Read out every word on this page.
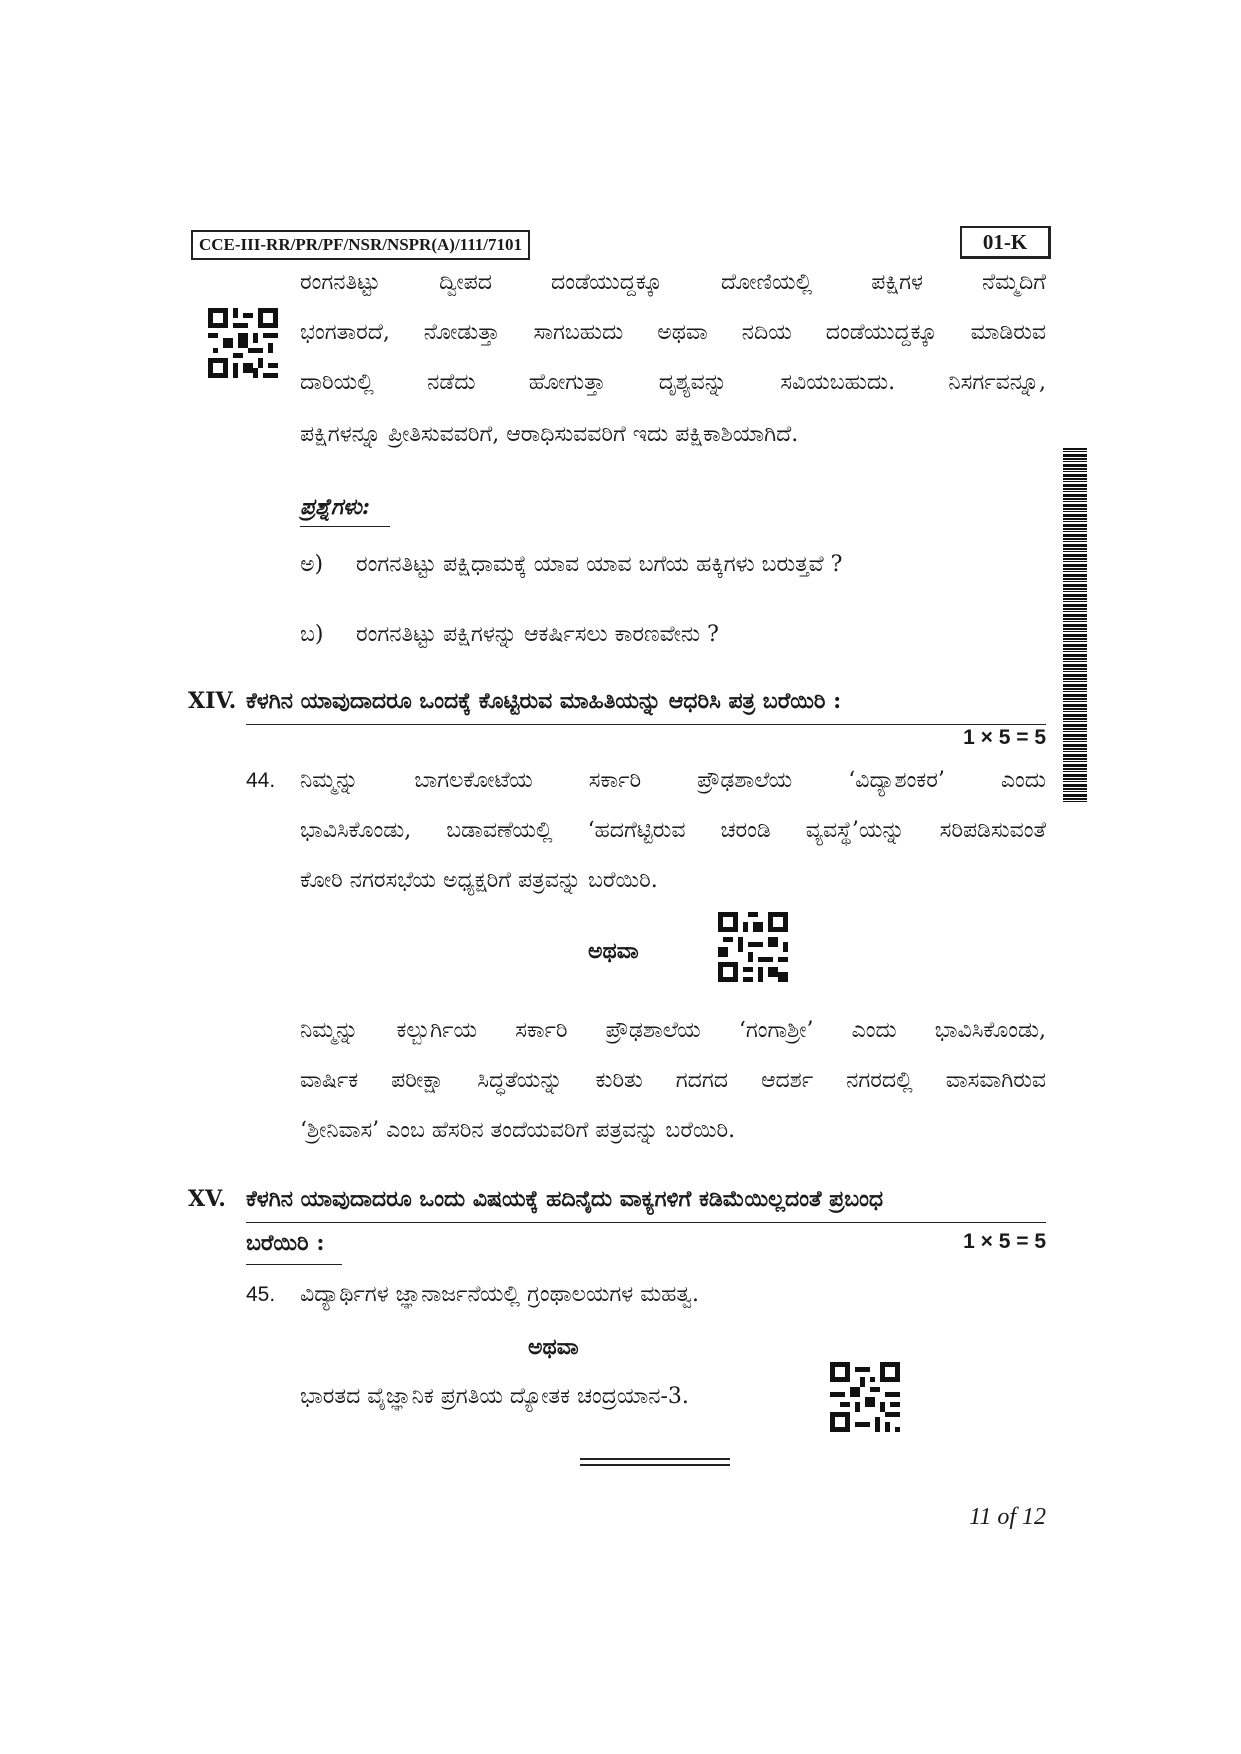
CCE-III-RR/PR/PF/NSR/NSPR(A)/111/7101	01-K
ರಂಗನತಿಟ್ಟು ದ್ವೀಪದ ದಂಡೆಯುದ್ದಕ್ಕೂ ದೋಣಿಯಲ್ಲಿ ಪಕ್ಷಿಗಳ ನೆಮ್ಮದಿಗೆ
ಭಂಗತಾರದೆ, ನೋಡುತ್ತಾ ಸಾಗಬಹುದು ಅಥವಾ ನದಿಯ ದಂಡೆಯುದ್ದಕ್ಕೂ ಮಾಡಿರುವ
ದಾರಿಯಲ್ಲಿ ನಡೆದು ಹೋಗುತ್ತಾ ದೃಶ್ಯವನ್ನು ಸವಿಯಬಹುದು. ನಿಸರ್ಗವನ್ನೂ,
ಪಕ್ಷಿಗಳನ್ನೂ ಪ್ರೀತಿಸುವವರಿಗೆ, ಆರಾಧಿಸುವವರಿಗೆ ಇದು ಪಕ್ಷಿಕಾಶಿಯಾಗಿದೆ.
ಪ್ರಶ್ನೆಗಳು:
ಅ) ರಂಗನತಿಟ್ಟು ಪಕ್ಷಿಧಾಮಕ್ಕೆ ಯಾವ ಯಾವ ಬಗೆಯ ಹಕ್ಕಿಗಳು ಬರುತ್ತವೆ ?
ಬ) ರಂಗನತಿಟ್ಟು ಪಕ್ಷಿಗಳನ್ನು ಆಕರ್ಷಿಸಲು ಕಾರಣವೇನು ?
XIV. ಕೆಳಗಿನ ಯಾವುದಾದರೂ ಒಂದಕ್ಕೆ ಕೊಟ್ಟಿರುವ ಮಾಹಿತಿಯನ್ನು ಆಧರಿಸಿ ಪತ್ರ ಬರೆಯಿರಿ :
1 × 5 = 5
44. ನಿಮ್ಮನ್ನು ಬಾಗಲಕೋಟೆಯ ಸರ್ಕಾರಿ ಪ್ರೌಢಶಾಲೆಯ ‘ವಿದ್ಯಾಶಂಕರ’ ಎಂದು
ಭಾವಿಸಿಕೊಂಡು, ಬಡಾವಣೆಯಲ್ಲಿ ‘ಹದಗೆಟ್ಟಿರುವ ಚರಂಡಿ ವ್ಯವಸ್ಥೆ’ಯನ್ನು ಸರಿಪಡಿಸುವಂತೆ
ಕೋರಿ ನಗರಸಭೆಯ ಅಧ್ಯಕ್ಷರಿಗೆ ಪತ್ರವನ್ನು ಬರೆಯಿರಿ.
ಅಥವಾ
ನಿಮ್ಮನ್ನು ಕಲ್ಬುರ್ಗಿಯ ಸರ್ಕಾರಿ ಪ್ರೌಢಶಾಲೆಯ ‘ಗಂಗಾಶ್ರೀ’ ಎಂದು ಭಾವಿಸಿಕೊಂಡು,
ವಾರ್ಷಿಕ ಪರೀಕ್ಷಾ ಸಿದ್ಧತೆಯನ್ನು ಕುರಿತು ಗದಗದ ಆದರ್ಶ ನಗರದಲ್ಲಿ ವಾಸವಾಗಿರುವ
‘ಶ್ರೀನಿವಾಸ’ ಎಂಬ ಹೆಸರಿನ ತಂದೆಯವರಿಗೆ ಪತ್ರವನ್ನು ಬರೆಯಿರಿ.
XV. ಕೆಳಗಿನ ಯಾವುದಾದರೂ ಒಂದು ವಿಷಯಕ್ಕೆ ಹದಿನೈದು ವಾಕ್ಯಗಳಿಗೆ ಕಡಿಮೆಯಿಲ್ಲದಂತೆ ಪ್ರಬಂಧ
ಬರೆಯಿರಿ :	1 × 5 = 5
45. ವಿದ್ಯಾರ್ಥಿಗಳ ಜ್ಞಾನಾರ್ಜನೆಯಲ್ಲಿ ಗ್ರಂಥಾಲಯಗಳ ಮಹತ್ವ.
ಅಥವಾ
ಭಾರತದ ವೈಜ್ಞಾನಿಕ ಪ್ರಗತಿಯ ದ್ಯೋತಕ ಚಂದ್ರಯಾನ-3.
11 of 12
